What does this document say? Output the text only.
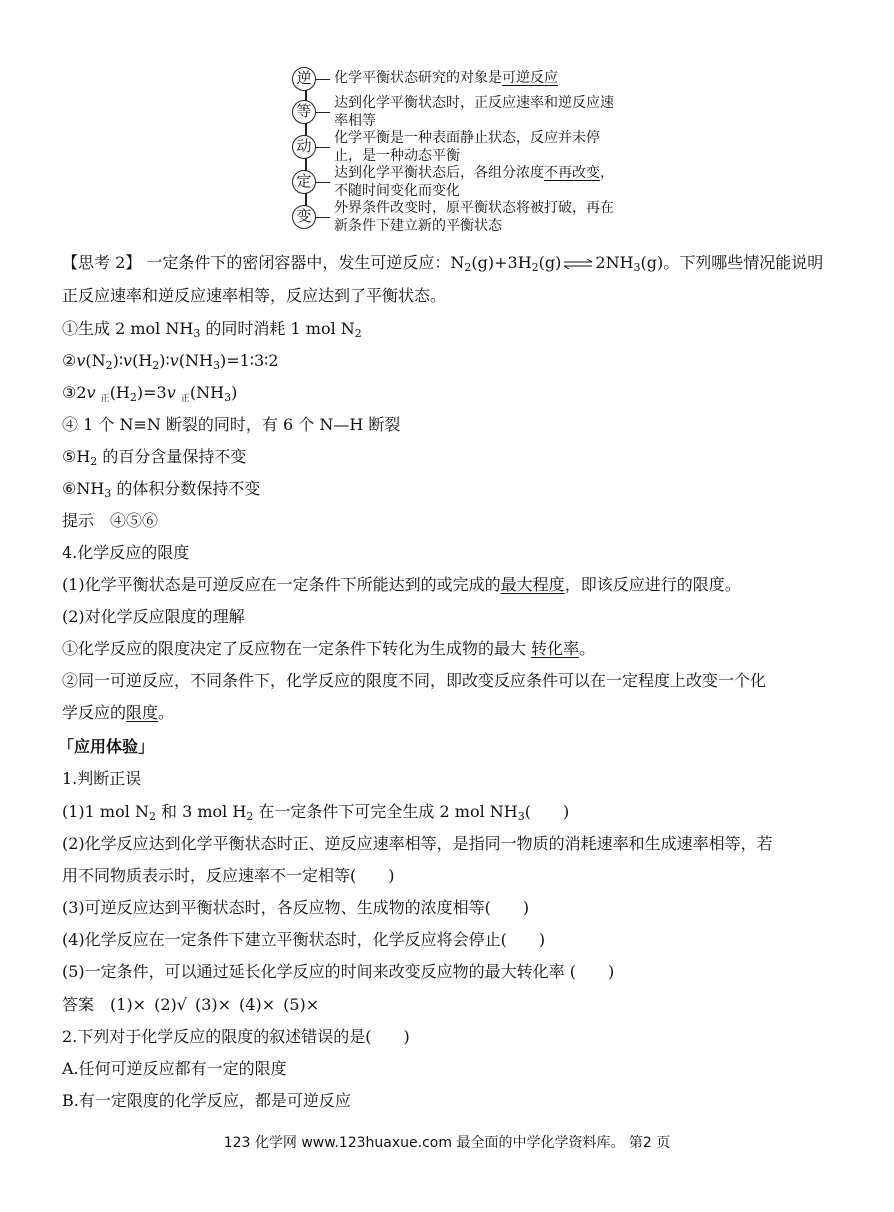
逆	化学平衡状态研究的对象是可逆反应
等	达到化学平衡状态时，正反应速率和逆反应速率相等
动	化学平衡是一种表面静止状态，反应并未停止，是一种动态平衡
定	达到化学平衡状态后，各组分浓度不再改变，不随时间变化而变化
变	外界条件改变时，原平衡状态将被打破，再在新条件下建立新的平衡状态
【思考 2】 一定条件下的密闭容器中，发生可逆反应：$N_2(g)+3H_2(g)$ ⇌ $2NH_3(g)$。下列哪些情况能说明
正反应速率和逆反应速率相等，反应达到了平衡状态。
①生成 2 mol $NH_3$ 的同时消耗 1 mol $N_2$
$②v(N_2)∶v(H_2)∶v(NH_3)=1∶3∶2$
③2v 正$(H_2)=3v$ 正$(NH_3)$
④ 1 个 N≡N 断裂的同时，有 6 个 N—H 断裂
$⑤H_2$ 的百分含量保持不变
$⑥NH_3$ 的体积分数保持不变
提示　 ④⑤⑥
4.化学反应的限度
(1)化学平衡状态是可逆反应在一定条件下所能达到的或完成的最大程度，即该反应进行的限度。
(2)对化学反应限度的理解
①化学反应的限度决定了反应物在一定条件下转化为生成物的最大 转化率。
②同一可逆反应，不同条件下，化学反应的限度不同，即改变反应条件可以在一定程度上改变一个化
学反应的限度。
「应用体验」
1.判断正误
(1)1 mol $N_2$ 和 3 mol $H_2$ 在一定条件下可完全生成 2 mol $NH_3$(　　)
(2)化学反应达到化学平衡状态时正、逆反应速率相等，是指同一物质的消耗速率和生成速率相等，若
用不同物质表示时，反应速率不一定相等(　　)
(3)可逆反应达到平衡状态时，各反应物、生成物的浓度相等(　　)
(4)化学反应在一定条件下建立平衡状态时，化学反应将会停止(　　)
(5)一定条件，可以通过延长化学反应的时间来改变反应物的最大转化率 (　　)
答案 (1)× (2)√ (3)× (4)× (5)×
2.下列对于化学反应的限度的叙述错误的是(　　)
A.任何可逆反应都有一定的限度
B.有一定限度的化学反应，都是可逆反应
123 化学网 www.123huaxue.com 最全面的中学化学资料库。 第2 页
